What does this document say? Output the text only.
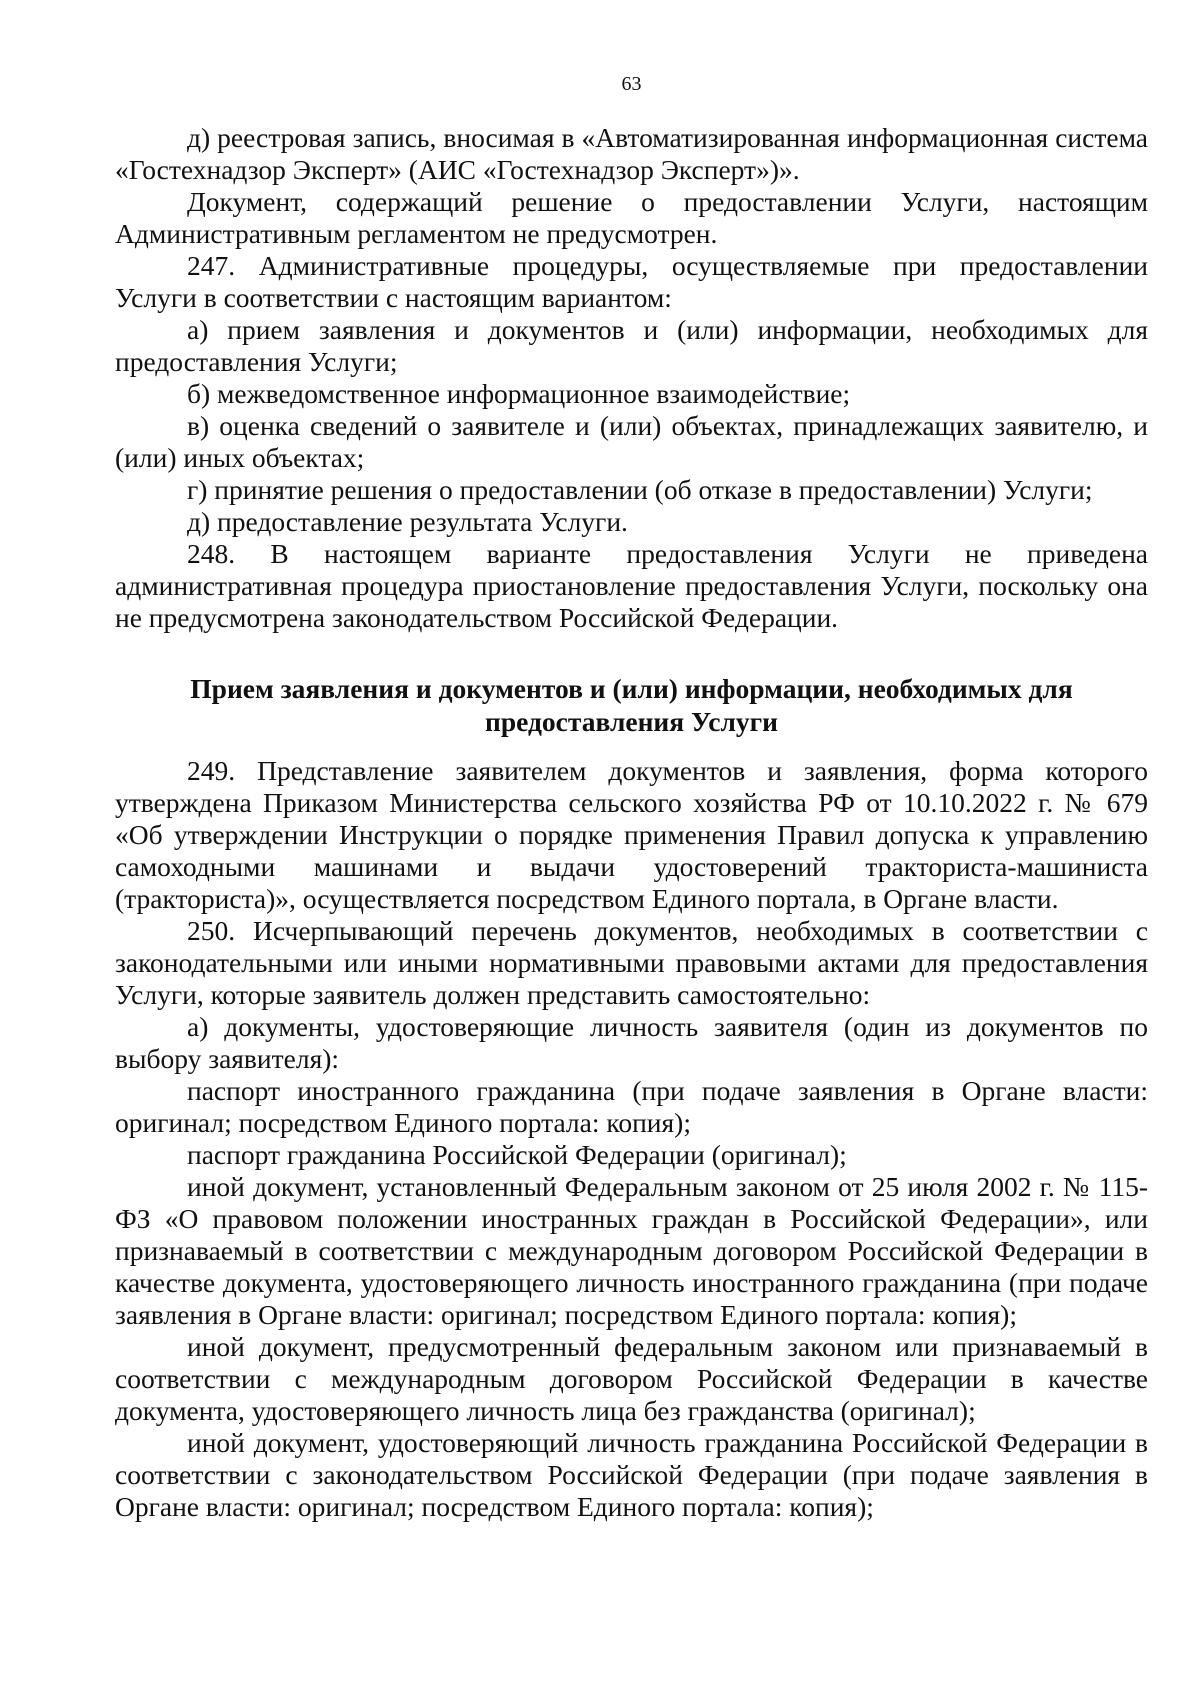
63

д) реестровая запись, вносимая в «Автоматизированная информационная система «Гостехнадзор Эксперт» (АИС «Гостехнадзор Эксперт»)».

Документ, содержащий решение о предоставлении Услуги, настоящим Административным регламентом не предусмотрен.

247. Административные процедуры, осуществляемые при предоставлении Услуги в соответствии с настоящим вариантом:

а) прием заявления и документов и (или) информации, необходимых для предоставления Услуги;

б) межведомственное информационное взаимодействие;

в) оценка сведений о заявителе и (или) объектах, принадлежащих заявителю, и (или) иных объектах;

г) принятие решения о предоставлении (об отказе в предоставлении) Услуги;

д) предоставление результата Услуги.

248. В настоящем варианте предоставления Услуги не приведена административная процедура приостановление предоставления Услуги, поскольку она не предусмотрена законодательством Российской Федерации.

Прием заявления и документов и (или) информации, необходимых для
предоставления Услуги

249. Представление заявителем документов и заявления, форма которого утверждена Приказом Министерства сельского хозяйства РФ от 10.10.2022 г. № 679 «Об утверждении Инструкции о порядке применения Правил допуска к управлению самоходными машинами и выдачи удостоверений тракториста-машиниста (тракториста)», осуществляется посредством Единого портала, в Органе власти.

250. Исчерпывающий перечень документов, необходимых в соответствии с законодательными или иными нормативными правовыми актами для предоставления Услуги, которые заявитель должен представить самостоятельно:

а) документы, удостоверяющие личность заявителя (один из документов по выбору заявителя):

паспорт иностранного гражданина (при подаче заявления в Органе власти: оригинал; посредством Единого портала: копия);

паспорт гражданина Российской Федерации (оригинал);

иной документ, установленный Федеральным законом от 25 июля 2002 г. № 115-ФЗ «О правовом положении иностранных граждан в Российской Федерации», или признаваемый в соответствии с международным договором Российской Федерации в качестве документа, удостоверяющего личность иностранного гражданина (при подаче заявления в Органе власти: оригинал; посредством Единого портала: копия);

иной документ, предусмотренный федеральным законом или признаваемый в соответствии с международным договором Российской Федерации в качестве документа, удостоверяющего личность лица без гражданства (оригинал);

иной документ, удостоверяющий личность гражданина Российской Федерации в соответствии с законодательством Российской Федерации (при подаче заявления в Органе власти: оригинал; посредством Единого портала: копия);
